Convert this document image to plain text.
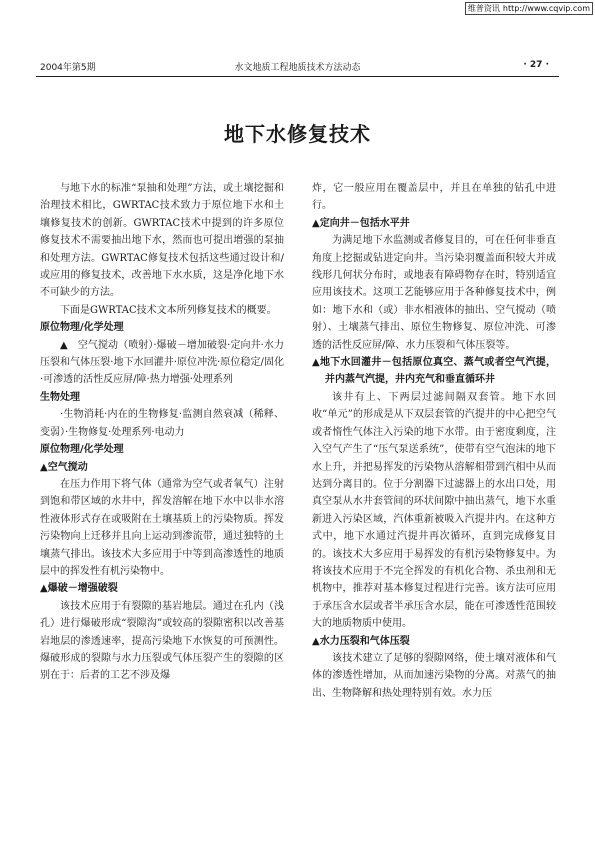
维普资讯 http://www.cqvip.com
2004年第5期	水文地质工程地质技术方法动态	· 27 ·
地下水修复技术

与地下水的标准“泵抽和处理”方法，或土壤挖掘和治理技术相比，GWRTAC技术致力于原位地下水和土壤修复技术的创新。GWRTAC技术中提到的许多原位修复技术不需要抽出地下水，然而也可提出增强的泵抽和处理方法。GWRTAC修复技术包括这些通过设计和/或应用的修复技术，改善地下水水质，这是净化地下水不可缺少的方法。

下面是GWRTAC技术文本所列修复技术的概要。

原位物理/化学处理

▲　空气搅动（喷射）·爆破－增加破裂·定向井·水力压裂和气体压裂·地下水回灌井·原位冲洗·原位稳定/固化·可渗透的活性反应屏/障·热力增强·处理系列

生物处理

·生物消耗·内在的生物修复·监测自然衰减（稀释、变弱）·生物修复·处理系列·电动力

原位物理/化学处理
▲空气搅动

在压力作用下将气体（通常为空气或者氧气）注射到饱和带区域的水井中，挥发溶解在地下水中以非水溶性液体形式存在或吸附在土壤基质上的污染物质。挥发污染物向上迁移并且向上运动到渗流带，通过独特的土壤蒸气排出。该技术大多应用于中等到高渗透性的地质层中的挥发性有机污染物中。

▲爆破－增强破裂

该技术应用于有裂隙的基岩地层。通过在孔内（浅孔）进行爆破形成“裂隙沟”或较高的裂隙密积以改善基岩地层的渗透速率，提高污染地下水恢复的可预测性。爆破形成的裂隙与水力压裂或气体压裂产生的裂隙的区别在于：后者的工艺不涉及爆

炸，它一般应用在覆盖层中，并且在单独的钻孔中进行。

▲定向井－包括水平井

为满足地下水监测或者修复目的，可在任何非垂直角度上挖掘或钻进定向井。当污染羽覆盖面积较大并成线形几何状分布时，或地表有障碍物存在时，特别适宜应用该技术。这项工艺能够应用于各种修复技术中，例如：地下水和（或）非水相液体的抽出、空气搅动（喷射）、土壤蒸气排出、原位生物修复、原位冲洗、可渗透的活性反应屏/障、水力压裂和气体压裂等。

▲地下水回灌井－包括原位真空、蒸气或者空气汽提，并内蒸气汽提，井内充气和垂直循环井

该井有上、下两层过滤间隔双套管。地下水回收“单元”的形成是从下双层套管的汽提井的中心把空气或者惰性气体注入污染的地下水带。由于密度剩度，注入空气产生了“压气泵送系统”，使带有空气泡沫的地下水上升，并把易挥发的污染物从溶解相带到汽相中从而达到分离目的。位于分割器下过滤器上的水出口处，用真空泵从水井套管间的环状间隙中抽出蒸气，地下水重新进入污染区域，汽体重新被吸入汽提井内。在这种方式中，地下水通过汽提井再次循环，直到完成修复目的。该技术大多应用于易挥发的有机污染物修复中。为将该技术应用于不完全挥发的有机化合物、杀虫剂和无机物中，推荐对基本修复过程进行完善。该方法可应用于承压含水层或者半承压含水层，能在可渗透性范围较大的地质物质中使用。

▲水力压裂和气体压裂

该技术建立了足够的裂隙网络，使土壤对液体和气体的渗透性增加，从而加速污染物的分离。对蒸气的抽出、生物降解和热处理特别有效。水力压
